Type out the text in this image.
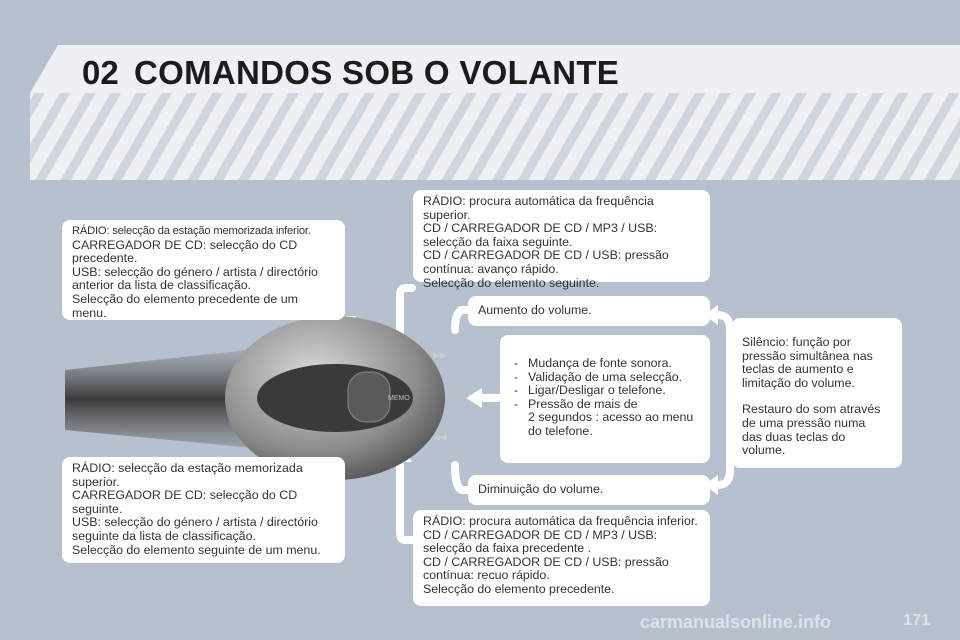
02 COMANDOS SOB O VOLANTE
MEMO	SRC
▶▶
◀◀
RÁDIO: selecção da estação memorizada inferior.
CARREGADOR DE CD: selecção do CD
precedente.
USB: selecção do género / artista / directório
anterior da lista de classificação.
Selecção do elemento precedente de um
menu.
RÁDIO: selecção da estação memorizada
superior.
CARREGADOR DE CD: selecção do CD
seguinte.
USB: selecção do género / artista / directório
seguinte da lista de classificação.
Selecção do elemento seguinte de um menu.
RÁDIO: procura automática da frequência superior.
CD / CARREGADOR DE CD / MP3 / USB:
selecção da faixa seguinte.
CD / CARREGADOR DE CD / USB: pressão
contínua: avanço rápido.
Selecção do elemento seguinte.
RÁDIO: procura automática da frequência inferior.
CD / CARREGADOR DE CD / MP3 / USB:
selecção da faixa precedente .
CD / CARREGADOR DE CD / USB: pressão
contínua: recuo rápido.
Selecção do elemento precedente.
Aumento do volume.
Diminuição do volume.
- Mudança de fonte sonora.
- Validação de uma selecção.
- Ligar/Desligar o telefone.
- Pressão de mais de
2 segundos : acesso ao menu
do telefone.
Silêncio: função por
pressão simultânea nas
teclas de aumento e
limitação do volume.
Restauro do som através
de uma pressão numa
das duas teclas do
volume.
carmanualsonline.info	171
